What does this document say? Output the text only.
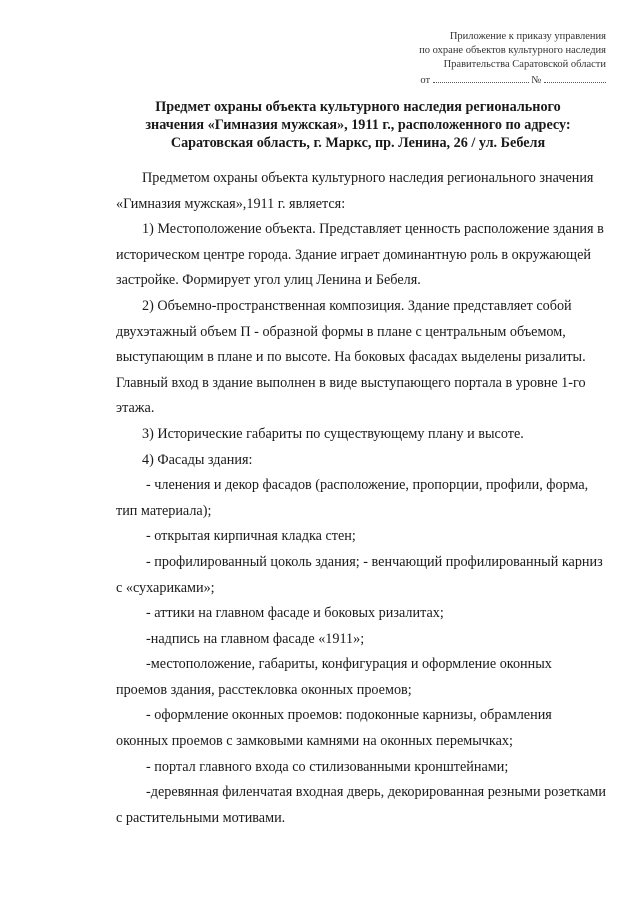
Приложение к приказу управления
по охране объектов культурного наследия
Правительства Саратовской области
от	№
Предмет охраны объекта культурного наследия регионального
значения «Гимназия мужская», 1911 г., расположенного по адресу:
Саратовская область, г. Маркс, пр. Ленина, 26 / ул. Бебеля

Предметом охраны объекта культурного наследия регионального значения «Гимназия мужская»,1911 г. является:

1) Местоположение объекта. Представляет ценность расположение здания в историческом центре города. Здание играет доминантную роль в окружающей застройке. Формирует угол улиц Ленина и Бебеля.

2) Объемно-пространственная композиция. Здание представляет собой двухэтажный объем П - образной формы в плане с центральным объемом, выступающим в плане и по высоте. На боковых фасадах выделены ризалиты. Главный вход в здание выполнен в виде выступающего портала в уровне 1-го этажа.

3) Исторические габариты по существующему плану и высоте.

4) Фасады здания:

- членения и декор фасадов (расположение, пропорции, профили, форма, тип материала);

- открытая кирпичная кладка стен;

- профилированный цоколь здания; - венчающий профилированный карниз с «сухариками»;

- аттики на главном фасаде и боковых ризалитах;

-надпись на главном фасаде «1911»;

-местоположение, габариты, конфигурация и оформление оконных проемов здания, расстекловка оконных проемов;

- оформление оконных проемов: подоконные карнизы, обрамления оконных проемов с замковыми камнями на оконных перемычках;

- портал главного входа со стилизованными кронштейнами;

-деревянная филенчатая входная дверь, декорированная резными розетками с растительными мотивами.
